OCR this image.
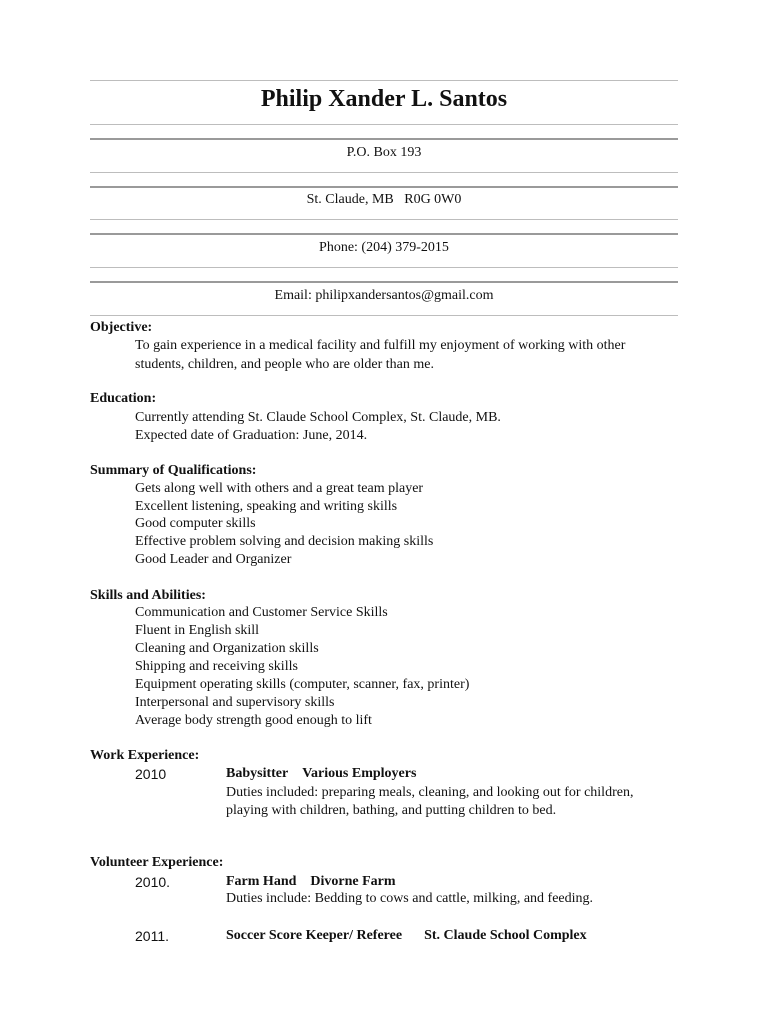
Philip Xander L. Santos
P.O. Box 193
St. Claude, MB   R0G 0W0
Phone: (204) 379-2015
Email: philipxandersantos@gmail.com
Objective:
To gain experience in a medical facility and fulfill my enjoyment of working with other
students, children, and people who are older than me.
Education:
Currently attending St. Claude School Complex, St. Claude, MB.
Expected date of Graduation: June, 2014.
Summary of Qualifications:
Gets along well with others and a great team player
Excellent listening, speaking and writing skills
Good computer skills
Effective problem solving and decision making skills
Good Leader and Organizer
Skills and Abilities:
Communication and Customer Service Skills
Fluent in English skill
Cleaning and Organization skills
Shipping and receiving skills
Equipment operating skills (computer, scanner, fax, printer)
Interpersonal and supervisory skills
Average body strength good enough to lift
Work Experience:
2010	Babysitter Various Employers
Duties included: preparing meals, cleaning, and looking out for children,
playing with children, bathing, and putting children to bed.
Volunteer Experience:
2010.	Farm Hand Divorne Farm
Duties include: Bedding to cows and cattle, milking, and feeding.
2011.	Soccer Score Keeper/ Referee St. Claude School Complex
